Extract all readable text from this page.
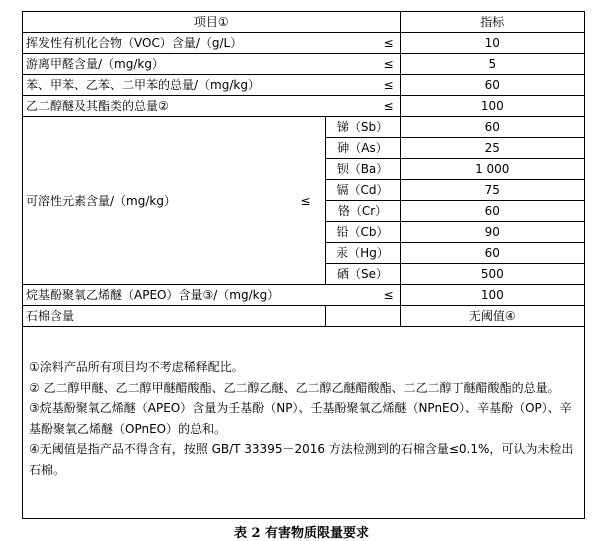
项目①		指标
挥发性有机化合物（VOC）含量/（g/L） ≤		10
游离甲醛含量/（mg/kg） ≤		5
苯、甲苯、乙苯、二甲苯的总量/（mg/kg） ≤		60
乙二醇醚及其酯类的总量② ≤		100
可溶性元素含量/（mg/kg） ≤	锑（Sb）	60
	砷（As）	25
	钡（Ba）	1 000
	镉（Cd）	75
	铬（Cr）	60
	铅（Cb）	90
	汞（Hg）	60
	硒（Se）	500
烷基酚聚氧乙烯醚（APEO）含量③/（mg/kg） ≤		100
石棉含量		无阈值④

①涂料产品所有项目均不考虑稀释配比。

② 乙二醇甲醚、乙二醇甲醚醋酸酯、乙二醇乙醚、乙二醇乙醚醋酸酯、二乙二醇丁醚醋酸酯的总量。

③烷基酚聚氧乙烯醚（APEO）含量为壬基酚（NP）、壬基酚聚氧乙烯醚（NPnEO）、辛基酚（OP）、辛基酚聚氧乙烯醚（OPnEO）的总和。

④无阈值是指产品不得含有，按照 GB/T 33395－2016 方法检测到的石棉含量≤0.1%，可认为未检出石棉。

表 2 有害物质限量要求
